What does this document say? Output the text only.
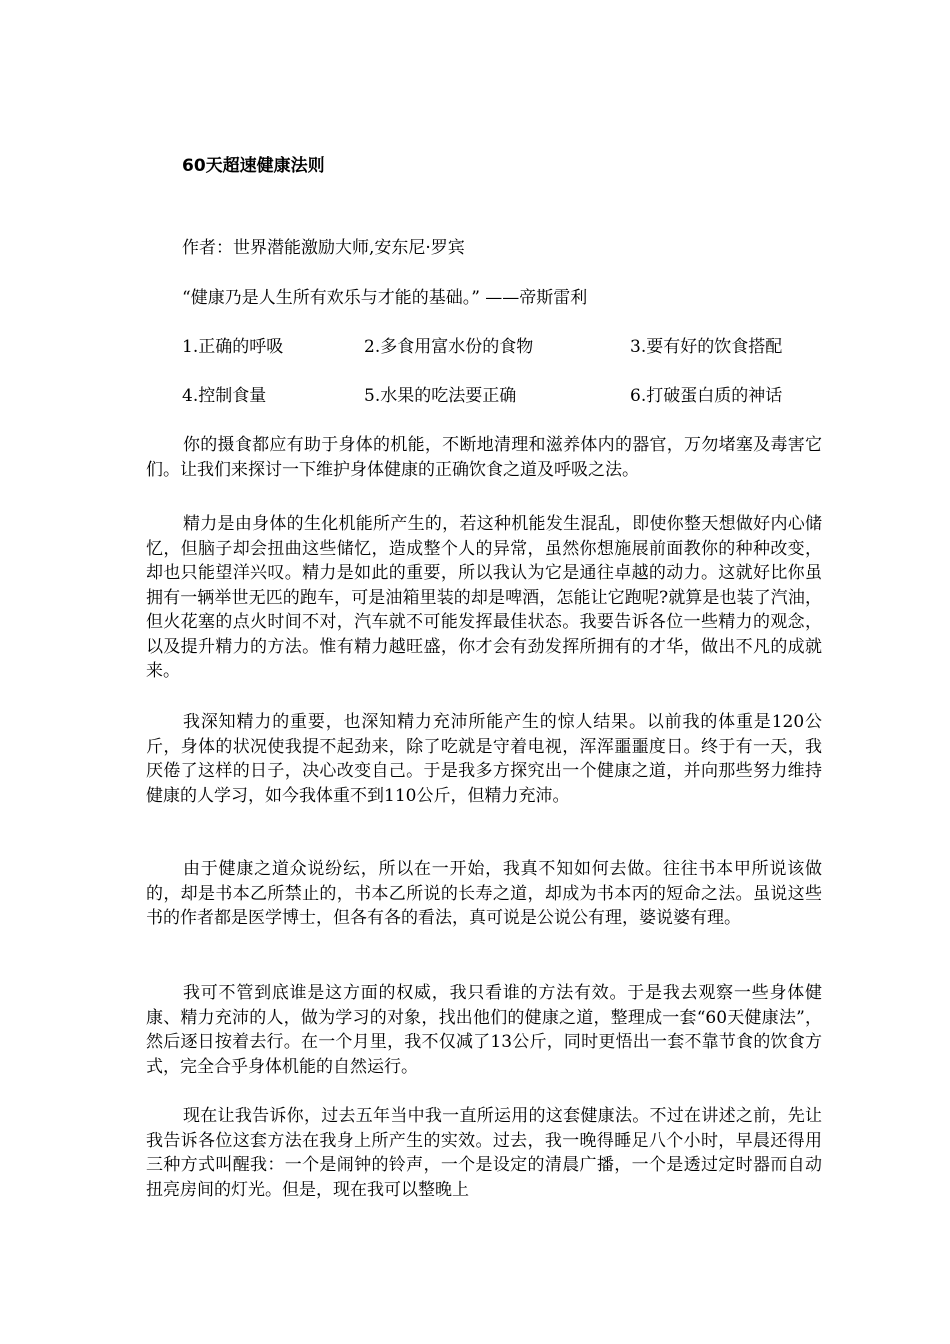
60天超速健康法则
作者：世界潜能激励大师,安东尼·罗宾
“健康乃是人生所有欢乐与才能的基础。” ——帝斯雷利
1.正确的呼吸	2.多食用富水份的食物	3.要有好的饮食搭配
4.控制食量	5.水果的吃法要正确	6.打破蛋白质的神话

你的摄食都应有助于身体的机能，不断地清理和滋养体内的器官，万勿堵塞及毒害它们。让我们来探讨一下维护身体健康的正确饮食之道及呼吸之法。

精力是由身体的生化机能所产生的，若这种机能发生混乱，即使你整天想做好内心储忆，但脑子却会扭曲这些储忆，造成整个人的异常，虽然你想施展前面教你的种种改变，却也只能望洋兴叹。精力是如此的重要，所以我认为它是通往卓越的动力。这就好比你虽拥有一辆举世无匹的跑车，可是油箱里装的却是啤酒，怎能让它跑呢?就算是也装了汽油，但火花塞的点火时间不对，汽车就不可能发挥最佳状态。我要告诉各位一些精力的观念，以及提升精力的方法。惟有精力越旺盛，你才会有劲发挥所拥有的才华，做出不凡的成就来。

我深知精力的重要，也深知精力充沛所能产生的惊人结果。以前我的体重是120公斤，身体的状况使我提不起劲来，除了吃就是守着电视，浑浑噩噩度日。终于有一天，我厌倦了这样的日子，决心改变自己。于是我多方探究出一个健康之道，并向那些努力维持健康的人学习，如今我体重不到110公斤，但精力充沛。

由于健康之道众说纷纭，所以在一开始，我真不知如何去做。往往书本甲所说该做的，却是书本乙所禁止的，书本乙所说的长寿之道，却成为书本丙的短命之法。虽说这些书的作者都是医学博士，但各有各的看法，真可说是公说公有理，婆说婆有理。

我可不管到底谁是这方面的权威，我只看谁的方法有效。于是我去观察一些身体健康、精力充沛的人，做为学习的对象，找出他们的健康之道，整理成一套“60天健康法”，然后逐日按着去行。在一个月里，我不仅减了13公斤，同时更悟出一套不靠节食的饮食方式，完全合乎身体机能的自然运行。

现在让我告诉你，过去五年当中我一直所运用的这套健康法。不过在讲述之前，先让我告诉各位这套方法在我身上所产生的实效。过去，我一晚得睡足八个小时，早晨还得用三种方式叫醒我：一个是闹钟的铃声，一个是设定的清晨广播，一个是透过定时器而自动扭亮房间的灯光。但是，现在我可以整晚上
